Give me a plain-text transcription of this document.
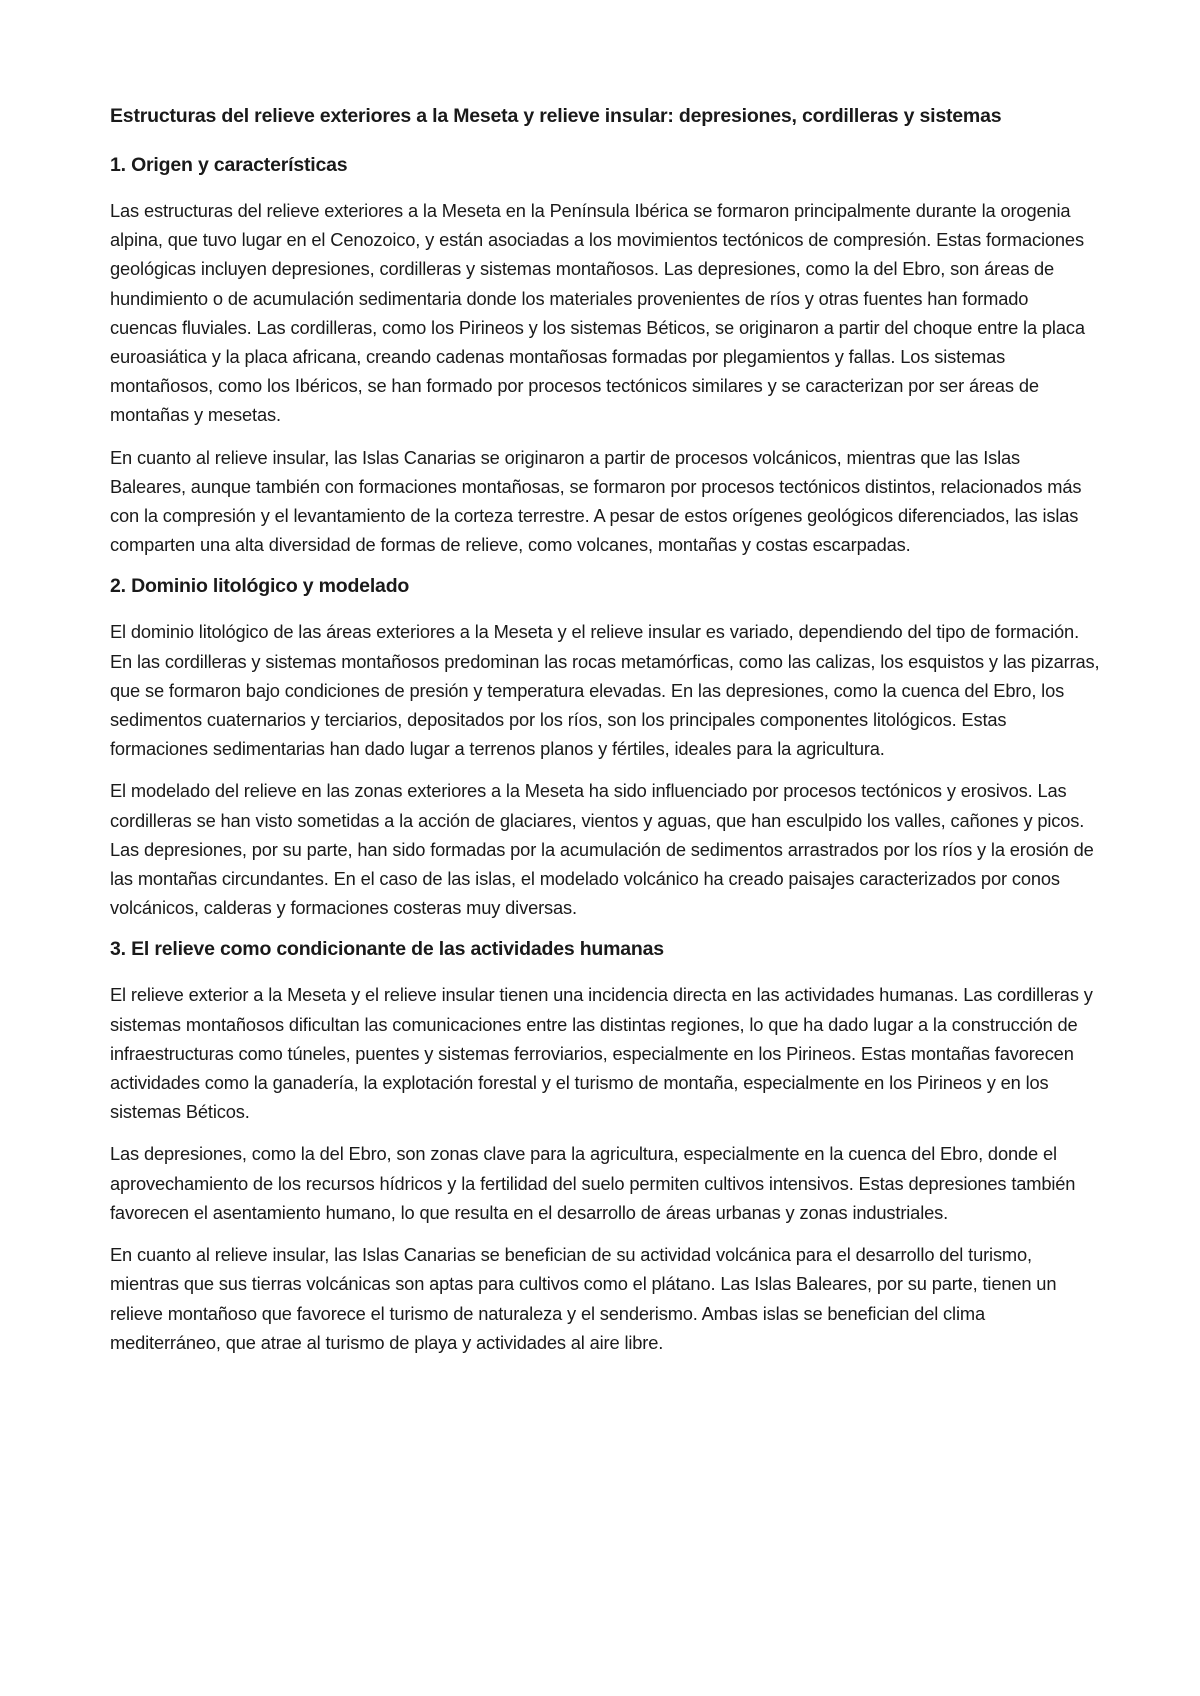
Estructuras del relieve exteriores a la Meseta y relieve insular: depresiones, cordilleras y sistemas
1. Origen y características

Las estructuras del relieve exteriores a la Meseta en la Península Ibérica se formaron principalmente durante la orogenia alpina, que tuvo lugar en el Cenozoico, y están asociadas a los movimientos tectónicos de compresión. Estas formaciones geológicas incluyen depresiones, cordilleras y sistemas montañosos. Las depresiones, como la del Ebro, son áreas de hundimiento o de acumulación sedimentaria donde los materiales provenientes de ríos y otras fuentes han formado cuencas fluviales. Las cordilleras, como los Pirineos y los sistemas Béticos, se originaron a partir del choque entre la placa euroasiática y la placa africana, creando cadenas montañosas formadas por plegamientos y fallas. Los sistemas montañosos, como los Ibéricos, se han formado por procesos tectónicos similares y se caracterizan por ser áreas de montañas y mesetas.

En cuanto al relieve insular, las Islas Canarias se originaron a partir de procesos volcánicos, mientras que las Islas Baleares, aunque también con formaciones montañosas, se formaron por procesos tectónicos distintos, relacionados más con la compresión y el levantamiento de la corteza terrestre. A pesar de estos orígenes geológicos diferenciados, las islas comparten una alta diversidad de formas de relieve, como volcanes, montañas y costas escarpadas.

2. Dominio litológico y modelado

El dominio litológico de las áreas exteriores a la Meseta y el relieve insular es variado, dependiendo del tipo de formación. En las cordilleras y sistemas montañosos predominan las rocas metamórficas, como las calizas, los esquistos y las pizarras, que se formaron bajo condiciones de presión y temperatura elevadas. En las depresiones, como la cuenca del Ebro, los sedimentos cuaternarios y terciarios, depositados por los ríos, son los principales componentes litológicos. Estas formaciones sedimentarias han dado lugar a terrenos planos y fértiles, ideales para la agricultura.

El modelado del relieve en las zonas exteriores a la Meseta ha sido influenciado por procesos tectónicos y erosivos. Las cordilleras se han visto sometidas a la acción de glaciares, vientos y aguas, que han esculpido los valles, cañones y picos. Las depresiones, por su parte, han sido formadas por la acumulación de sedimentos arrastrados por los ríos y la erosión de las montañas circundantes. En el caso de las islas, el modelado volcánico ha creado paisajes caracterizados por conos volcánicos, calderas y formaciones costeras muy diversas.

3. El relieve como condicionante de las actividades humanas

El relieve exterior a la Meseta y el relieve insular tienen una incidencia directa en las actividades humanas. Las cordilleras y sistemas montañosos dificultan las comunicaciones entre las distintas regiones, lo que ha dado lugar a la construcción de infraestructuras como túneles, puentes y sistemas ferroviarios, especialmente en los Pirineos. Estas montañas favorecen actividades como la ganadería, la explotación forestal y el turismo de montaña, especialmente en los Pirineos y en los sistemas Béticos.

Las depresiones, como la del Ebro, son zonas clave para la agricultura, especialmente en la cuenca del Ebro, donde el aprovechamiento de los recursos hídricos y la fertilidad del suelo permiten cultivos intensivos. Estas depresiones también favorecen el asentamiento humano, lo que resulta en el desarrollo de áreas urbanas y zonas industriales.

En cuanto al relieve insular, las Islas Canarias se benefician de su actividad volcánica para el desarrollo del turismo, mientras que sus tierras volcánicas son aptas para cultivos como el plátano. Las Islas Baleares, por su parte, tienen un relieve montañoso que favorece el turismo de naturaleza y el senderismo. Ambas islas se benefician del clima mediterráneo, que atrae al turismo de playa y actividades al aire libre.
